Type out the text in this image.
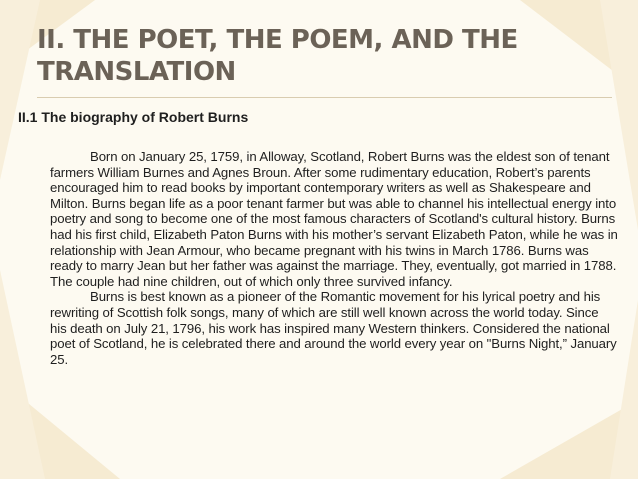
II. THE POET, THE POEM, AND THE TRANSLATION
II.1 The biography of Robert Burns

Born on January 25, 1759, in Alloway, Scotland, Robert Burns was the eldest son of tenant farmers William Burnes and Agnes Broun. After some rudimentary education, Robert’s parents encouraged him to read books by important contemporary writers as well as Shakespeare and Milton. Burns began life as a poor tenant farmer but was able to channel his intellectual energy into poetry and song to become one of the most famous characters of Scotland's cultural history. Burns had his first child, Elizabeth Paton Burns with his mother’s servant Elizabeth Paton, while he was in relationship with Jean Armour, who became pregnant with his twins in March 1786. Burns was ready to marry Jean but her father was against the marriage. They, eventually, got married in 1788. The couple had nine children, out of which only three survived infancy.

Burns is best known as a pioneer of the Romantic movement for his lyrical poetry and his rewriting of Scottish folk songs, many of which are still well known across the world today. Since his death on July 21, 1796, his work has inspired many Western thinkers. Considered the national poet of Scotland, he is celebrated there and around the world every year on "Burns Night,” January 25.
